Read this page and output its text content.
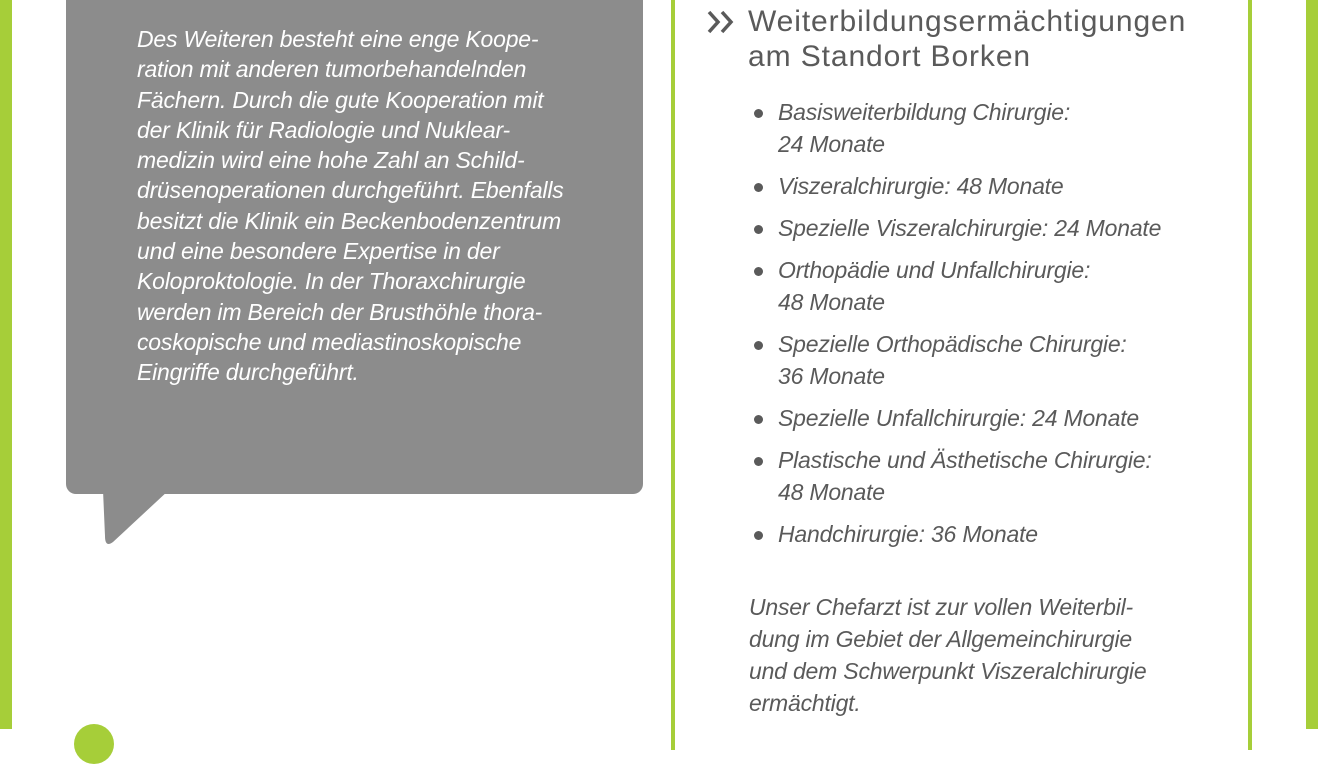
Des Weiteren besteht eine enge Koope-
ration mit anderen tumorbehandelnden
Fächern. Durch die gute Kooperation mit
der Klinik für Radiologie und Nuklear-
medizin wird eine hohe Zahl an Schild-
drüsenoperationen durchgeführt. Ebenfalls
besitzt die Klinik ein Beckenbodenzentrum
und eine besondere Expertise in der
Koloproktologie. In der Thoraxchirurgie
werden im Bereich der Brusthöhle thora-
coskopische und mediastinoskopische
Eingriffe durchgeführt.

Weiterbildungsermächtigungen
am Standort Borken
Basisweiterbildung Chirurgie:
24 Monate
Viszeralchirurgie: 48 Monate
Spezielle Viszeralchirurgie: 24 Monate
Orthopädie und Unfallchirurgie:
48 Monate
Spezielle Orthopädische Chirurgie:
36 Monate
Spezielle Unfallchirurgie: 24 Monate
Plastische und Ästhetische Chirurgie:
48 Monate
Handchirurgie: 36 Monate

Unser Chefarzt ist zur vollen Weiterbil-
dung im Gebiet der Allgemeinchirurgie
und dem Schwerpunkt Viszeralchirurgie
ermächtigt.
